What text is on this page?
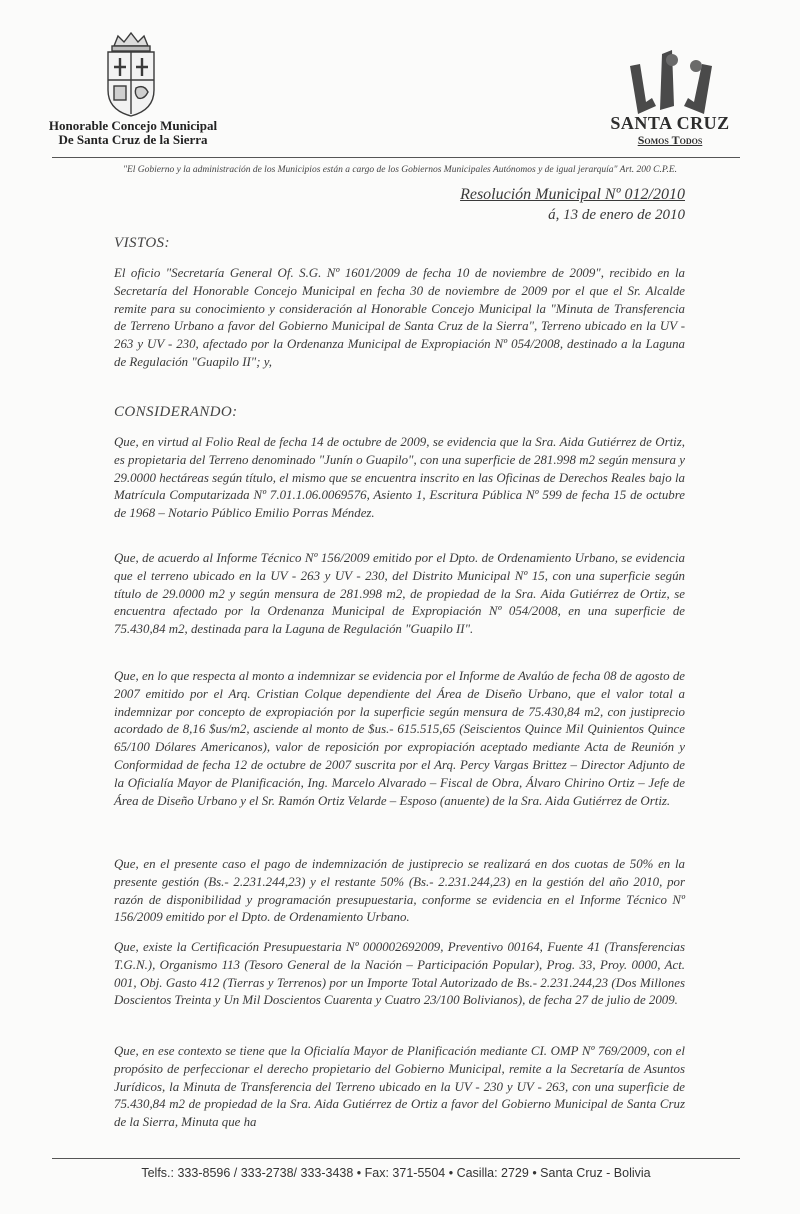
Honorable Concejo Municipal
De Santa Cruz de la Sierra
SANTA CRUZ
Somos Todos
"El Gobierno y la administración de los Municipios están a cargo de los Gobiernos Municipales Autónomos y de igual jerarquía" Art. 200 C.P.E.
Resolución Municipal Nº 012/2010
á, 13 de enero de 2010
VISTOS:

El oficio "Secretaría General Of. S.G. Nº 1601/2009 de fecha 10 de noviembre de 2009", recibido en la Secretaría del Honorable Concejo Municipal en fecha 30 de noviembre de 2009 por el que el Sr. Alcalde remite para su conocimiento y consideración al Honorable Concejo Municipal la "Minuta de Transferencia de Terreno Urbano a favor del Gobierno Municipal de Santa Cruz de la Sierra", Terreno ubicado en la UV - 263 y UV - 230, afectado por la Ordenanza Municipal de Expropiación Nº 054/2008, destinado a la Laguna de Regulación "Guapilo II"; y,

CONSIDERANDO:

Que, en virtud al Folio Real de fecha 14 de octubre de 2009, se evidencia que la Sra. Aida Gutiérrez de Ortiz, es propietaria del Terreno denominado "Junín o Guapilo", con una superficie de 281.998 m2 según mensura y 29.0000 hectáreas según título, el mismo que se encuentra inscrito en las Oficinas de Derechos Reales bajo la Matrícula Computarizada Nº 7.01.1.06.0069576, Asiento 1, Escritura Pública Nº 599 de fecha 15 de octubre de 1968 – Notario Público Emilio Porras Méndez.

Que, de acuerdo al Informe Técnico Nº 156/2009 emitido por el Dpto. de Ordenamiento Urbano, se evidencia que el terreno ubicado en la UV - 263 y UV - 230, del Distrito Municipal Nº 15, con una superficie según título de 29.0000 m2 y según mensura de 281.998 m2, de propiedad de la Sra. Aida Gutiérrez de Ortiz, se encuentra afectado por la Ordenanza Municipal de Expropiación Nº 054/2008, en una superficie de 75.430,84 m2, destinada para la Laguna de Regulación "Guapilo II".

Que, en lo que respecta al monto a indemnizar se evidencia por el Informe de Avalúo de fecha 08 de agosto de 2007 emitido por el Arq. Cristian Colque dependiente del Área de Diseño Urbano, que el valor total a indemnizar por concepto de expropiación por la superficie según mensura de 75.430,84 m2, con justiprecio acordado de 8,16 $us/m2, asciende al monto de $us.- 615.515,65 (Seiscientos Quince Mil Quinientos Quince 65/100 Dólares Americanos), valor de reposición por expropiación aceptado mediante Acta de Reunión y Conformidad de fecha 12 de octubre de 2007 suscrita por el Arq. Percy Vargas Brittez – Director Adjunto de la Oficialía Mayor de Planificación, Ing. Marcelo Alvarado – Fiscal de Obra, Álvaro Chirino Ortiz – Jefe de Área de Diseño Urbano y el Sr. Ramón Ortiz Velarde – Esposo (anuente) de la Sra. Aida Gutiérrez de Ortiz.

Que, en el presente caso el pago de indemnización de justiprecio se realizará en dos cuotas de 50% en la presente gestión (Bs.- 2.231.244,23) y el restante 50% (Bs.- 2.231.244,23) en la gestión del año 2010, por razón de disponibilidad y programación presupuestaria, conforme se evidencia en el Informe Técnico Nº 156/2009 emitido por el Dpto. de Ordenamiento Urbano.

Que, existe la Certificación Presupuestaria Nº 000002692009, Preventivo 00164, Fuente 41 (Transferencias T.G.N.), Organismo 113 (Tesoro General de la Nación – Participación Popular), Prog. 33, Proy. 0000, Act. 001, Obj. Gasto 412 (Tierras y Terrenos) por un Importe Total Autorizado de Bs.- 2.231.244,23 (Dos Millones Doscientos Treinta y Un Mil Doscientos Cuarenta y Cuatro 23/100 Bolivianos), de fecha 27 de julio de 2009.

Que, en ese contexto se tiene que la Oficialía Mayor de Planificación mediante CI. OMP Nº 769/2009, con el propósito de perfeccionar el derecho propietario del Gobierno Municipal, remite a la Secretaría de Asuntos Jurídicos, la Minuta de Transferencia del Terreno ubicado en la UV - 230 y UV - 263, con una superficie de 75.430,84 m2 de propiedad de la Sra. Aida Gutiérrez de Ortiz a favor del Gobierno Municipal de Santa Cruz de la Sierra, Minuta que ha

Telfs.: 333-8596 / 333-2738/ 333-3438 • Fax: 371-5504 • Casilla: 2729 • Santa Cruz - Bolivia
